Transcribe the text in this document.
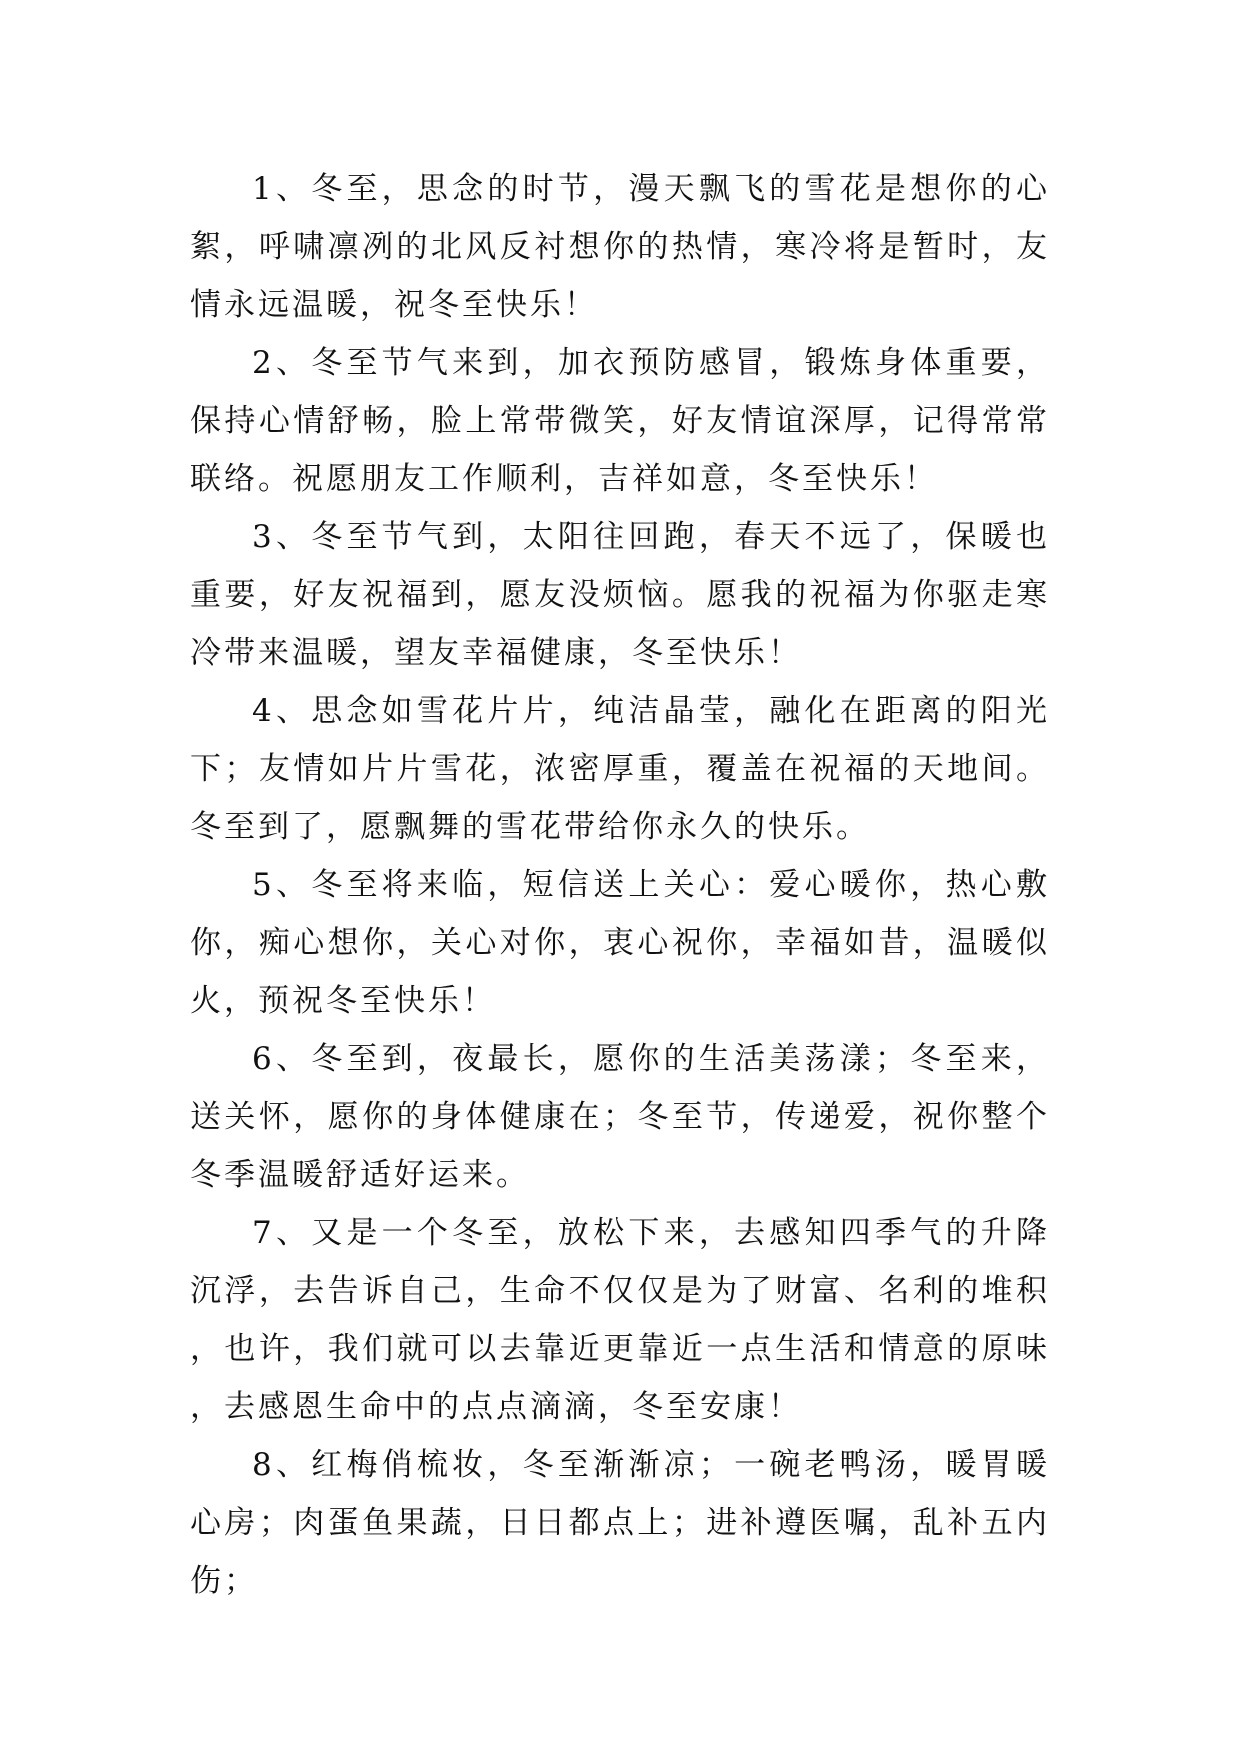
1、冬至，思念的时节，漫天飘飞的雪花是想你的心絮，呼啸凛冽的北风反衬想你的热情，寒冷将是暂时，友情永远温暖，祝冬至快乐！

2、冬至节气来到，加衣预防感冒，锻炼身体重要，保持心情舒畅，脸上常带微笑，好友情谊深厚，记得常常联络。祝愿朋友工作顺利，吉祥如意，冬至快乐！

3、冬至节气到，太阳往回跑，春天不远了，保暖也重要，好友祝福到，愿友没烦恼。愿我的祝福为你驱走寒冷带来温暖，望友幸福健康，冬至快乐！

4、思念如雪花片片，纯洁晶莹，融化在距离的阳光下；友情如片片雪花，浓密厚重，覆盖在祝福的天地间。冬至到了，愿飘舞的雪花带给你永久的快乐。

5、冬至将来临，短信送上关心：爱心暖你，热心敷你，痴心想你，关心对你，衷心祝你，幸福如昔，温暖似火，预祝冬至快乐！

6、冬至到，夜最长，愿你的生活美荡漾；冬至来，送关怀，愿你的身体健康在；冬至节，传递爱，祝你整个冬季温暖舒适好运来。

7、又是一个冬至，放松下来，去感知四季气的升降沉浮，去告诉自己，生命不仅仅是为了财富、名利的堆积，也许，我们就可以去靠近更靠近一点生活和情意的原味，去感恩生命中的点点滴滴，冬至安康！

8、红梅俏梳妆，冬至渐渐凉；一碗老鸭汤，暖胃暖心房；肉蛋鱼果蔬，日日都点上；进补遵医嘱，乱补五内伤；
